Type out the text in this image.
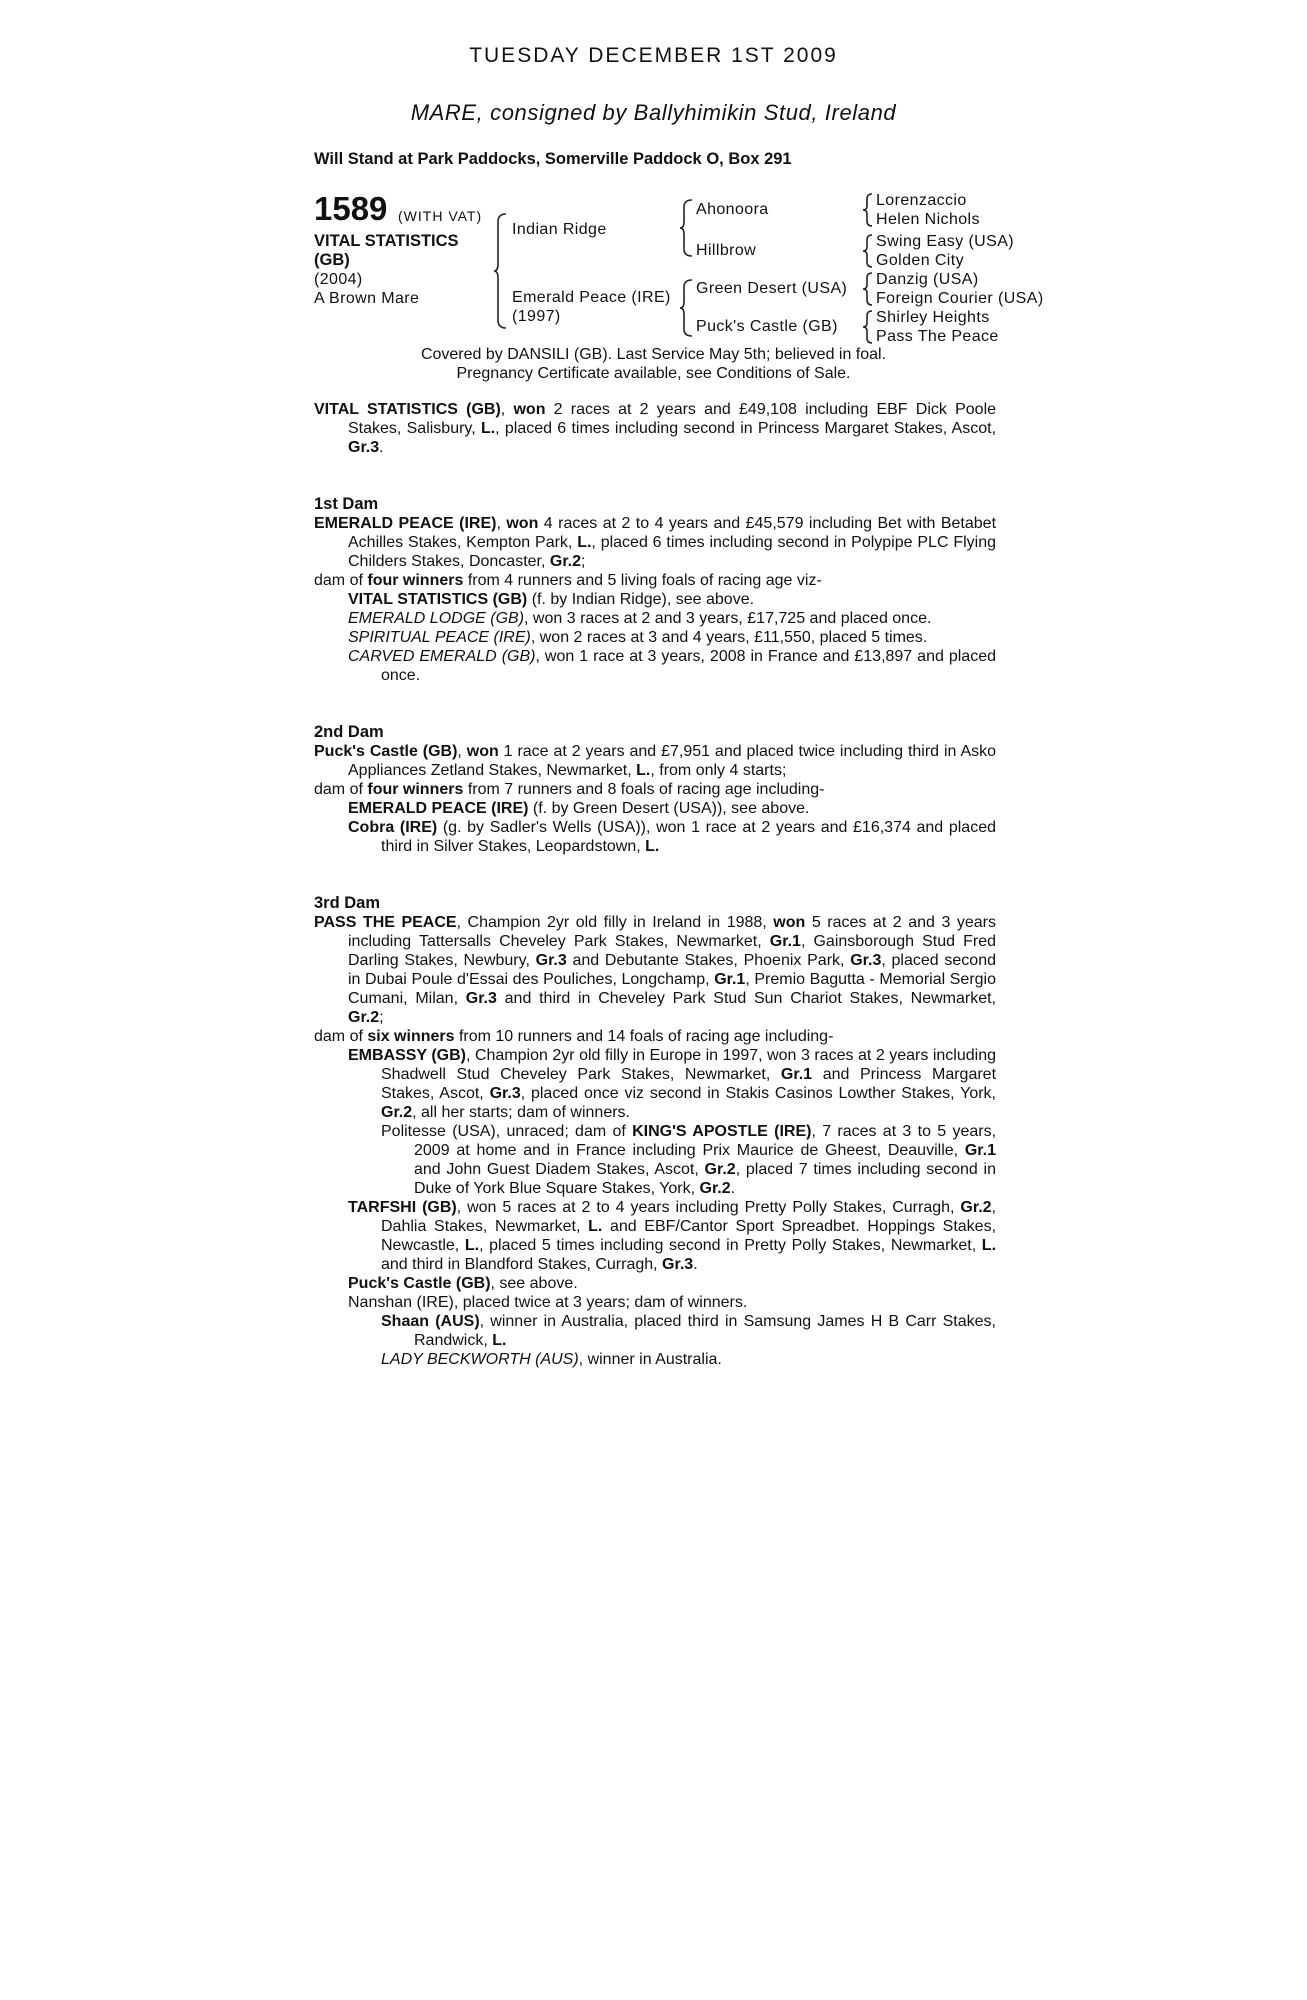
TUESDAY DECEMBER 1ST 2009
MARE, consigned by Ballyhimikin Stud, Ireland
Will Stand at Park Paddocks, Somerville Paddock O, Box 291
1589 (WITH VAT)
VITAL STATISTICS
(GB)
(2004)
A Brown Mare
Indian Ridge
Emerald Peace (IRE)
(1997)
Ahonoora
Hillbrow
Green Desert (USA)
Puck's Castle (GB)
Lorenzaccio
Helen Nichols
Swing Easy (USA)
Golden City
Danzig (USA)
Foreign Courier (USA)
Shirley Heights
Pass The Peace
Covered by DANSILI (GB). Last Service May 5th; believed in foal.
Pregnancy Certificate available, see Conditions of Sale.

VITAL STATISTICS (GB), won 2 races at 2 years and £49,108 including EBF Dick Poole Stakes, Salisbury, L., placed 6 times including second in Princess Margaret Stakes, Ascot, Gr.3.

1st Dam

EMERALD PEACE (IRE), won 4 races at 2 to 4 years and £45,579 including Bet with Betabet Achilles Stakes, Kempton Park, L., placed 6 times including second in Polypipe PLC Flying Childers Stakes, Doncaster, Gr.2;

dam of four winners from 4 runners and 5 living foals of racing age viz-

VITAL STATISTICS (GB) (f. by Indian Ridge), see above.

EMERALD LODGE (GB), won 3 races at 2 and 3 years, £17,725 and placed once.

SPIRITUAL PEACE (IRE), won 2 races at 3 and 4 years, £11,550, placed 5 times.

CARVED EMERALD (GB), won 1 race at 3 years, 2008 in France and £13,897 and placed once.

2nd Dam

Puck's Castle (GB), won 1 race at 2 years and £7,951 and placed twice including third in Asko Appliances Zetland Stakes, Newmarket, L., from only 4 starts;

dam of four winners from 7 runners and 8 foals of racing age including-

EMERALD PEACE (IRE) (f. by Green Desert (USA)), see above.

Cobra (IRE) (g. by Sadler's Wells (USA)), won 1 race at 2 years and £16,374 and placed third in Silver Stakes, Leopardstown, L.

3rd Dam

PASS THE PEACE, Champion 2yr old filly in Ireland in 1988, won 5 races at 2 and 3 years including Tattersalls Cheveley Park Stakes, Newmarket, Gr.1, Gainsborough Stud Fred Darling Stakes, Newbury, Gr.3 and Debutante Stakes, Phoenix Park, Gr.3, placed second in Dubai Poule d'Essai des Pouliches, Longchamp, Gr.1, Premio Bagutta - Memorial Sergio Cumani, Milan, Gr.3 and third in Cheveley Park Stud Sun Chariot Stakes, Newmarket, Gr.2;

dam of six winners from 10 runners and 14 foals of racing age including-

EMBASSY (GB), Champion 2yr old filly in Europe in 1997, won 3 races at 2 years including Shadwell Stud Cheveley Park Stakes, Newmarket, Gr.1 and Princess Margaret Stakes, Ascot, Gr.3, placed once viz second in Stakis Casinos Lowther Stakes, York, Gr.2, all her starts; dam of winners.

Politesse (USA), unraced; dam of KING'S APOSTLE (IRE), 7 races at 3 to 5 years, 2009 at home and in France including Prix Maurice de Gheest, Deauville, Gr.1 and John Guest Diadem Stakes, Ascot, Gr.2, placed 7 times including second in Duke of York Blue Square Stakes, York, Gr.2.

TARFSHI (GB), won 5 races at 2 to 4 years including Pretty Polly Stakes, Curragh, Gr.2, Dahlia Stakes, Newmarket, L. and EBF/Cantor Sport Spreadbet. Hoppings Stakes, Newcastle, L., placed 5 times including second in Pretty Polly Stakes, Newmarket, L. and third in Blandford Stakes, Curragh, Gr.3.

Puck's Castle (GB), see above.

Nanshan (IRE), placed twice at 3 years; dam of winners.

Shaan (AUS), winner in Australia, placed third in Samsung James H B Carr Stakes, Randwick, L.

LADY BECKWORTH (AUS), winner in Australia.
